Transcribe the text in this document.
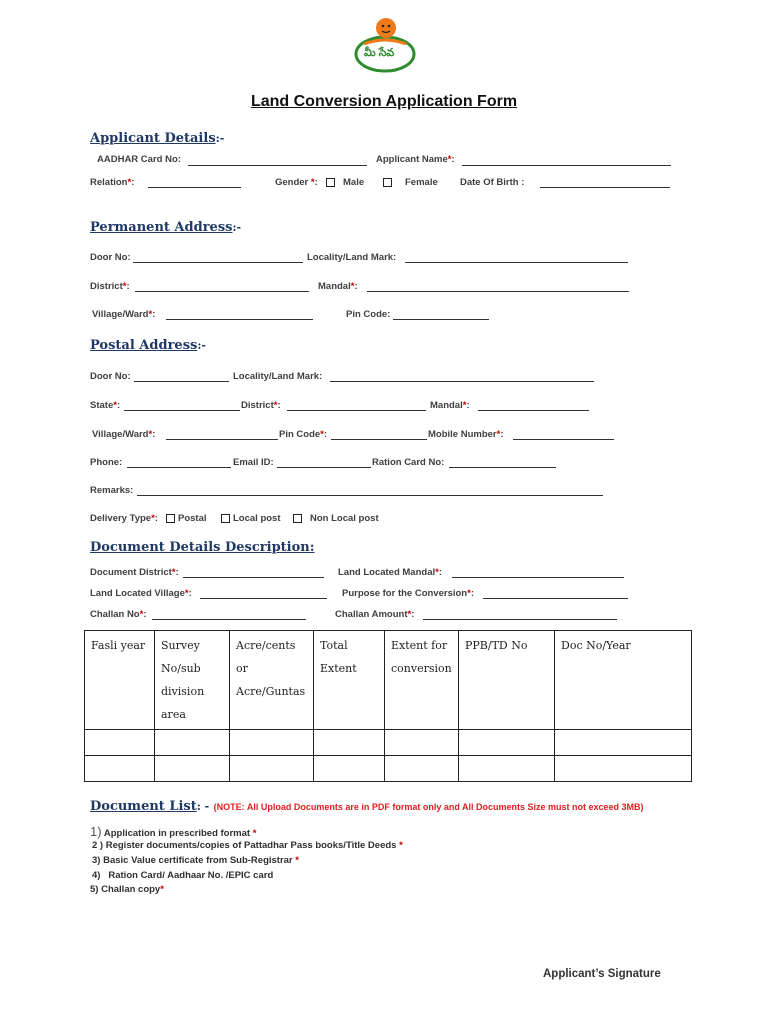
మీ సేవ
Land Conversion Application Form
Applicant Details:-
AADHAR Card No:	Applicant Name*:
Relation*:	Gender *:	Male	Female Date Of Birth :
Permanent Address:-
Door No:	Locality/Land Mark:
District*:	Mandal*:
Village/Ward*:	Pin Code:
Postal Address:-
Door No:	Locality/Land Mark:
State*:	District*:	Mandal*:
Village/Ward*:	Pin Code*:	Mobile Number*:
Phone:	Email ID:	Ration Card No:
Remarks:
Delivery Type*: Postal	Local post	Non Local post
Document Details Description:
Document District*:	Land Located Mandal*:
Land Located Village*:	Purpose for the Conversion*:
Challan No*:	Challan Amount*:
Fasli year	Survey No/sub division area	Acre/cents or Acre/Guntas	Total Extent	Extent for conversion	PPB/TD No	Doc No/Year

Document List: - (NOTE: All Upload Documents are in PDF format only and All Documents Size must not exceed 3MB)
1) Application in prescribed format *
2 ) Register documents/copies of Pattadhar Pass books/Title Deeds *
3) Basic Value certificate from Sub-Registrar *
4)   Ration Card/ Aadhaar No. /EPIC card
5) Challan copy*
Applicant’s Signature
